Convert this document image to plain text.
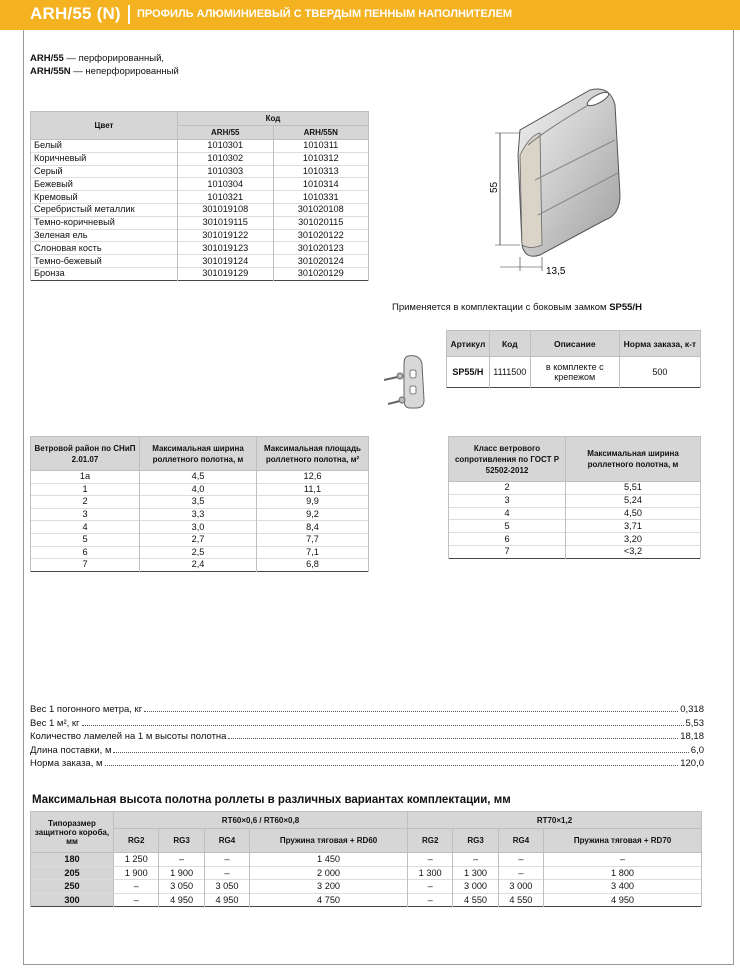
ARH/55 (N) ПРОФИЛЬ АЛЮМИНИЕВЫЙ С ТВЕРДЫМ ПЕННЫМ НАПОЛНИТЕЛЕМ
ARH/55 — перфорированный,
ARH/55N — неперфорированный
Цвет	Код	
	ARH/55	ARH/55N
Белый	1010301	1010311
Коричневый	1010302	1010312
Серый	1010303	1010313
Бежевый	1010304	1010314
Кремовый	1010321	1010331
Серебристый металлик	301019108	301020108
Темно-коричневый	301019115	301020115
Зеленая ель	301019122	301020122
Слоновая кость	301019123	301020123
Темно-бежевый	301019124	301020124
Бронза	301019129	301020129
55
13,5
Применяется в комплектации с боковым замком SP55/H
Артикул	Код	Описание	Норма заказа, к-т
SP55/H	1111500	в комплекте с крепежом	500
Ветровой район по СНиП 2.01.07	Максимальная ширина роллетного полотна, м	Максимальная площадь роллетного полотна, м²
1а	4,5	12,6
1	4,0	11,1
2	3,5	9,9
3	3,3	9,2
4	3,0	8,4
5	2,7	7,7
6	2,5	7,1
7	2,4	6,8
Класс ветрового сопротивления по ГОСТ Р 52502-2012	Максимальная ширина роллетного полотна, м
2	5,51
3	5,24
4	4,50
5	3,71
6	3,20
7	<3,2
Вес 1 погонного метра, кг	0,318
Вес 1 м², кг	5,53
Количество ламелей на 1 м высоты полотна	18,18
Длина поставки, м	6,0
Норма заказа, м	120,0
Максимальная высота полотна роллеты в различных вариантах комплектации, мм
Типоразмер защитного короба, мм	RT60×0,6 / RT60×0,8				RT70×1,2			
	RG2	RG3	RG4	Пружина тяговая + RD60	RG2	RG3	RG4	Пружина тяговая + RD70
180	1 250	–	–	1 450	–	–	–	–
205	1 900	1 900	–	2 000	1 300	1 300	–	1 800
250	–	3 050	3 050	3 200	–	3 000	3 000	3 400
300	–	4 950	4 950	4 750	–	4 550	4 550	4 950
